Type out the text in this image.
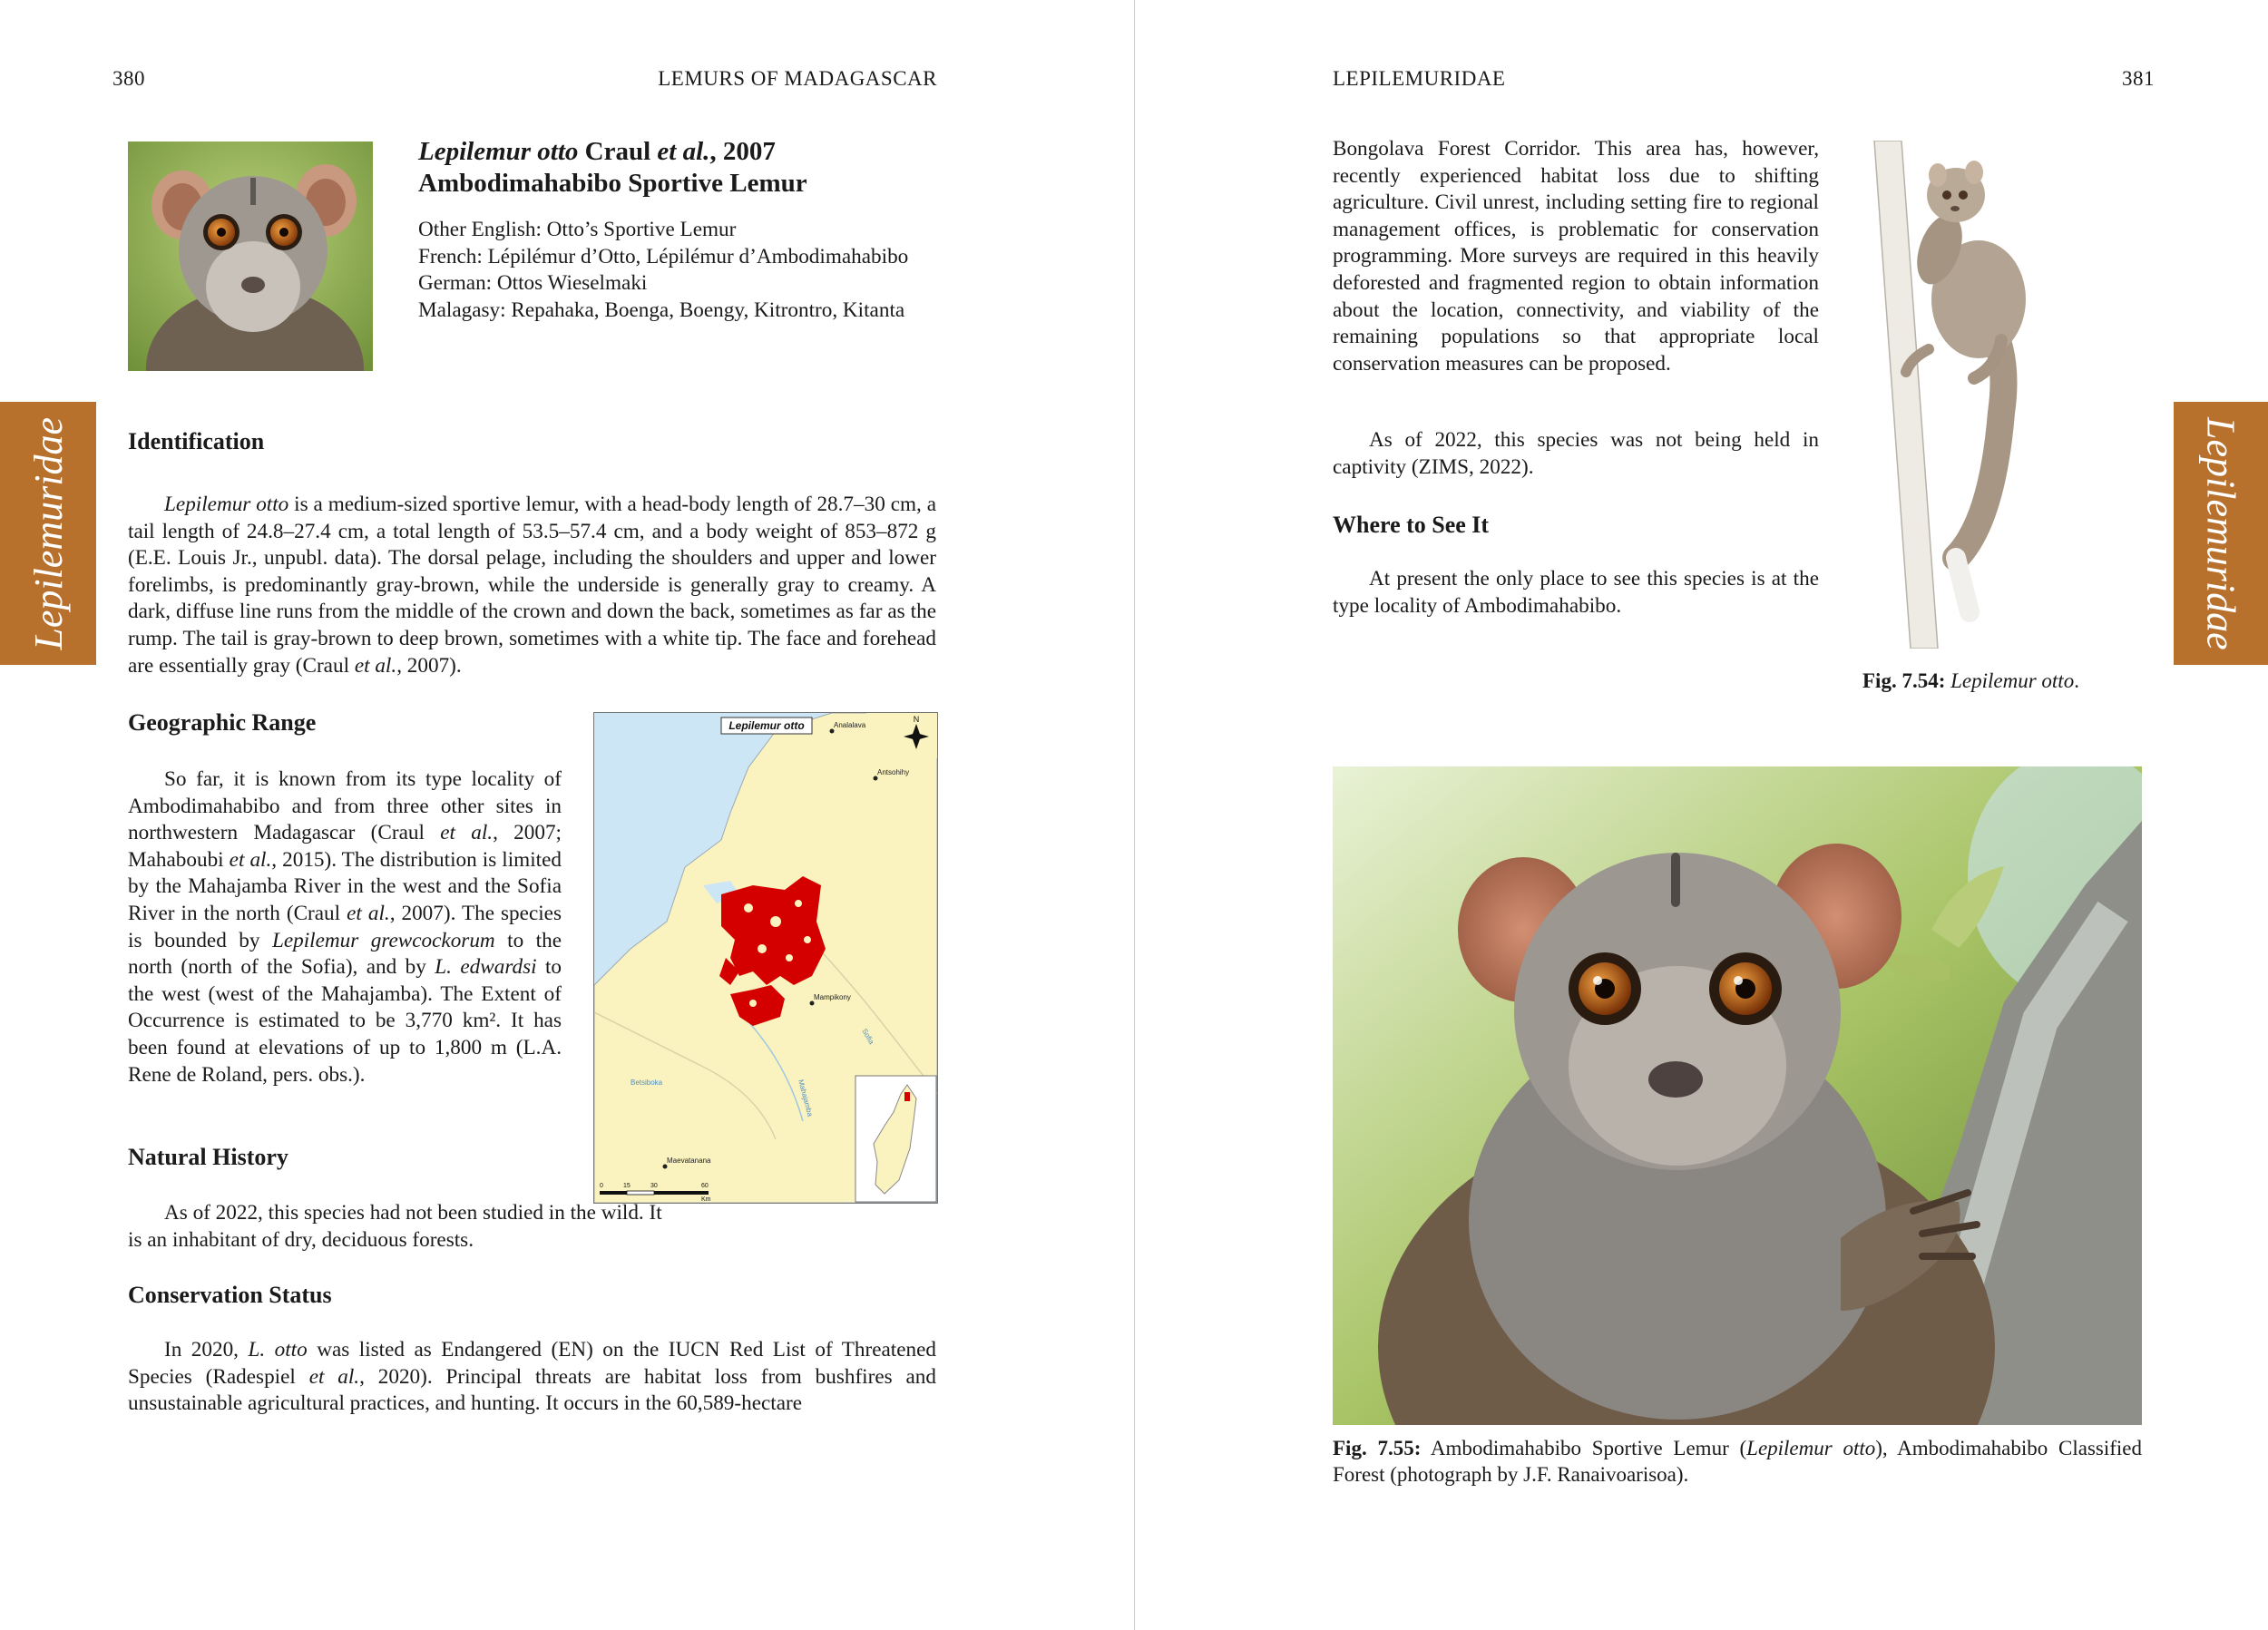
380	LEMURS OF MADAGASCAR
Lepilemur otto Craul et al., 2007
Ambodimahabibo Sportive Lemur
Other English: Otto’s Sportive Lemur
French: Lépilémur d’Otto, Lépilémur d’Ambodimahabibo
German: Ottos Wieselmaki
Malagasy: Repahaka, Boenga, Boengy, Kitrontro, Kitanta
Lepilemuridae Identification

Lepilemur otto is a medium-sized sportive lemur, with a head-body length of 28.7–30 cm, a tail length of 24.8–27.4 cm, a total length of 53.5–57.4 cm, and a body weight of 853–872 g (E.E. Louis Jr., unpubl. data). The dorsal pelage, including the shoulders and upper and lower forelimbs, is predominantly gray-brown, while the underside is generally gray to creamy. A dark, diffuse line runs from the middle of the crown and down the back, sometimes as far as the rump. The tail is gray-brown to deep brown, sometimes with a white tip. The face and forehead are essentially gray (Craul et al., 2007).

Geographic Range

So far, it is known from its type locality of Ambodimahabibo and from three other sites in northwestern Madagascar (Craul et al., 2007; Mahaboubi et al., 2015). The distribution is limited by the Mahajamba River in the west and the Sofia River in the north (Craul et al., 2007). The species is bounded by Lepilemur grewcockorum to the north (north of the Sofia), and by L. edwardsi to the west (west of the Mahajamba). The Extent of Occurrence is estimated to be 3,770 km². It has been found at elevations of up to 1,800 m (L.A. Rene de Roland, pers. obs.).

Lepilemur otto	N
Analalava
Antsohihy
Mampikony
Maevatanana
Sofia
Betsiboka	Mahajamba
0	15	30	60
Km
Natural History

As of 2022, this species had not been studied in the wild. It is an inhabitant of dry, deciduous forests.

Conservation Status

In 2020, L. otto was listed as Endangered (EN) on the IUCN Red List of Threatened Species (Radespiel et al., 2020). Principal threats are habitat loss from bushfires and unsustainable agricultural practices, and hunting. It occurs in the 60,589-hectare

LEPILEMURIDAE	381

Bongolava Forest Corridor. This area has, however, recently experienced habitat loss due to shifting agriculture. Civil unrest, including setting fire to regional management offices, is problematic for conservation programming. More surveys are required in this heavily deforested and fragmented region to obtain information about the location, connectivity, and viability of the remaining populations so that appropriate local conservation measures can be proposed.

As of 2022, this species was not being held in captivity (ZIMS, 2022).

Where to See It

At present the only place to see this species is at the type locality of Ambodimahabibo.

Fig. 7.54: Lepilemur otto.

Lepilemuridae

Fig. 7.55: Ambodimahabibo Sportive Lemur (Lepilemur otto), Ambodimahabibo Classified Forest (photograph by J.F. Ranaivoarisoa).
